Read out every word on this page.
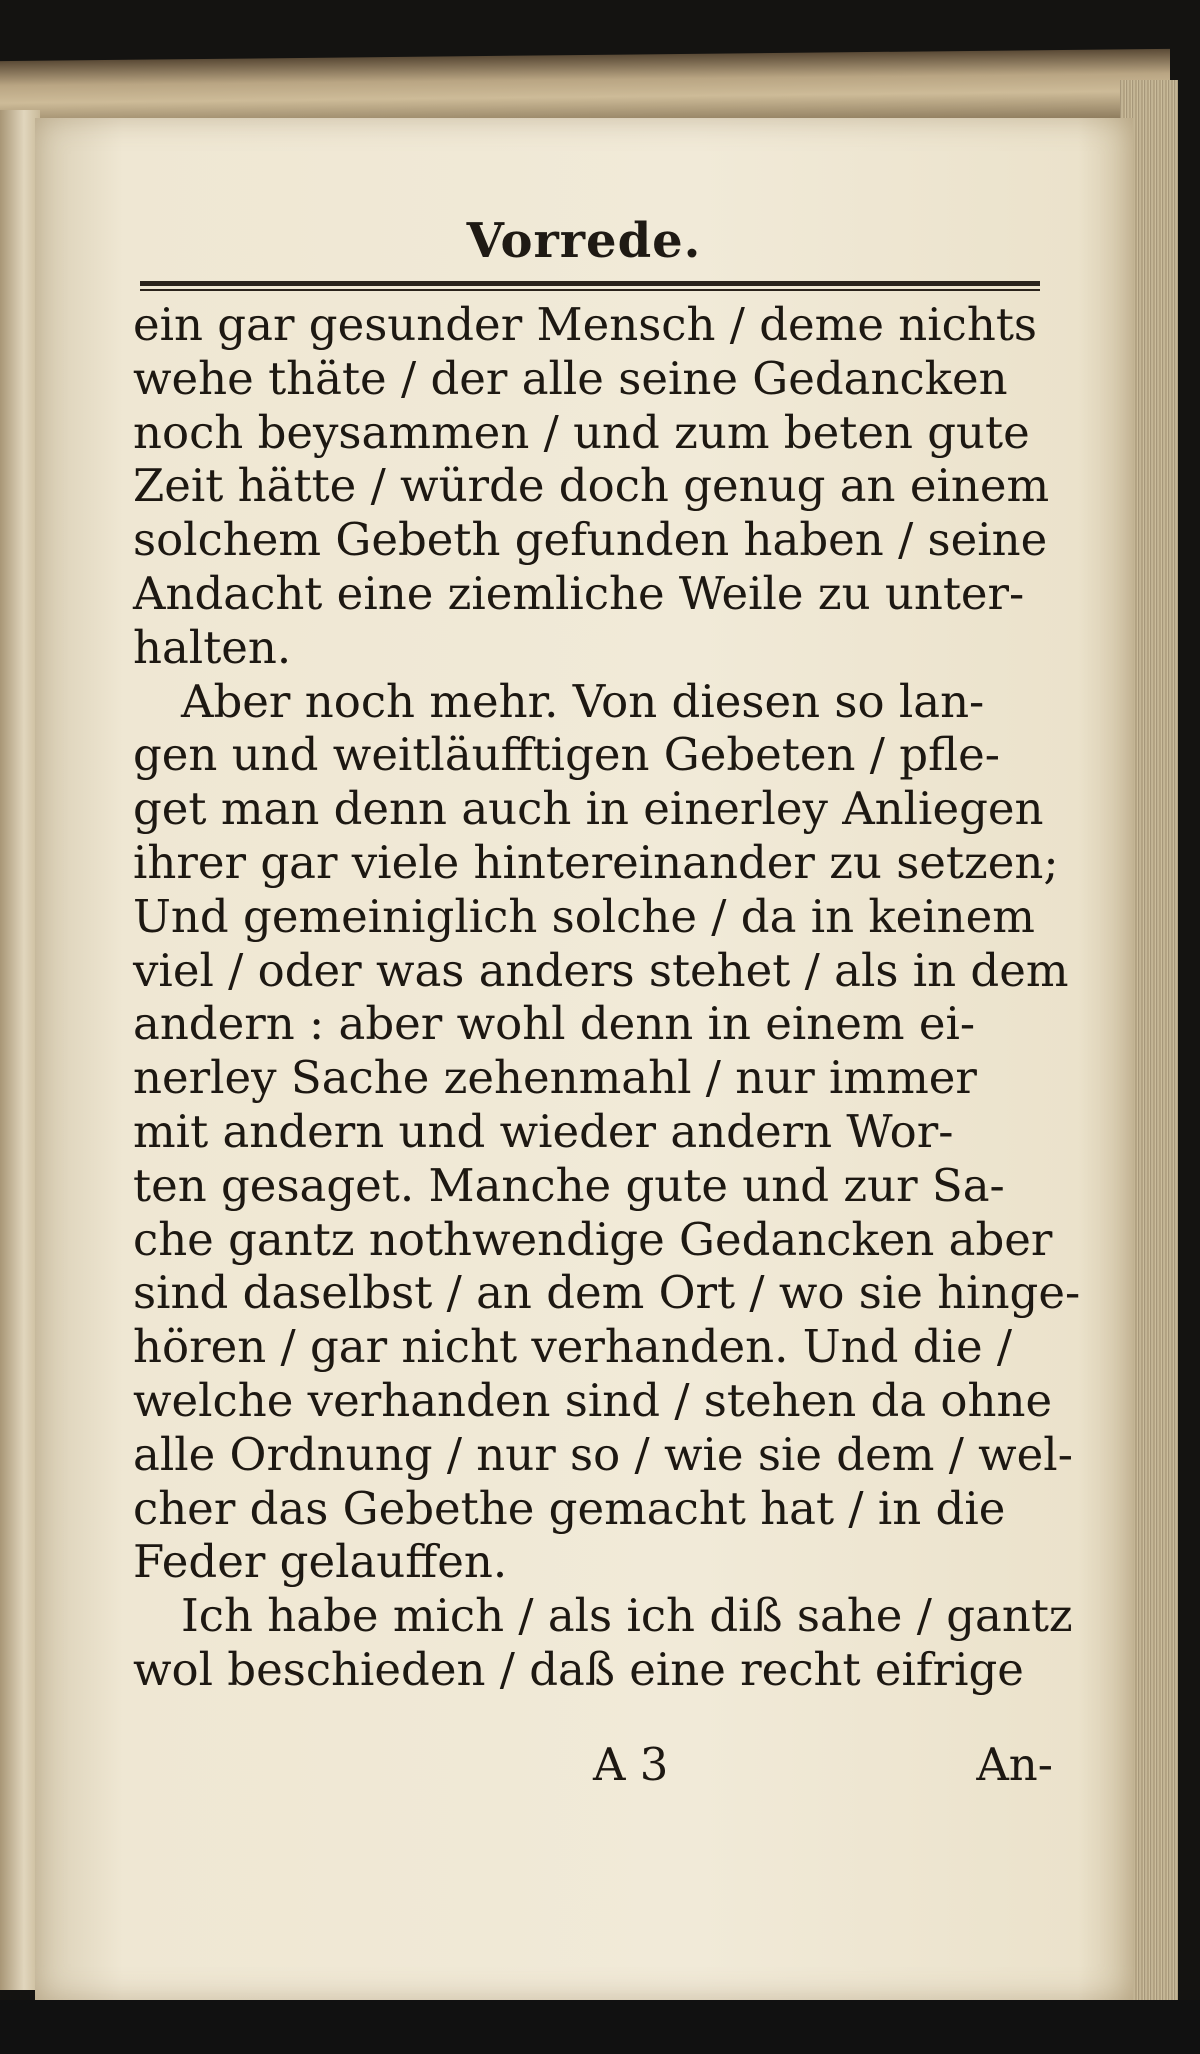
Vorrede.
ein gar gesunder Mensch / deme nichts
wehe thäte / der alle seine Gedancken
noch beysammen / und zum beten gute
Zeit hätte / würde doch genug an einem
solchem Gebeth gefunden haben / seine
Andacht eine ziemliche Weile zu unter-
halten.
Aber noch mehr. Von diesen so lan-
gen und weitläufftigen Gebeten / pfle-
get man denn auch in einerley Anliegen
ihrer gar viele hintereinander zu setzen;
Und gemeiniglich solche / da in keinem
viel / oder was anders stehet / als in dem
andern : aber wohl denn in einem ei-
nerley Sache zehenmahl / nur immer
mit andern und wieder andern Wor-
ten gesaget. Manche gute und zur Sa-
che gantz nothwendige Gedancken aber
sind daselbst / an dem Ort / wo sie hinge-
hören / gar nicht verhanden. Und die /
welche verhanden sind / stehen da ohne
alle Ordnung / nur so / wie sie dem / wel-
cher das Gebethe gemacht hat / in die
Feder gelauffen.
Ich habe mich / als ich diß sahe / gantz
wol beschieden / daß eine recht eifrige
A 3	An-
